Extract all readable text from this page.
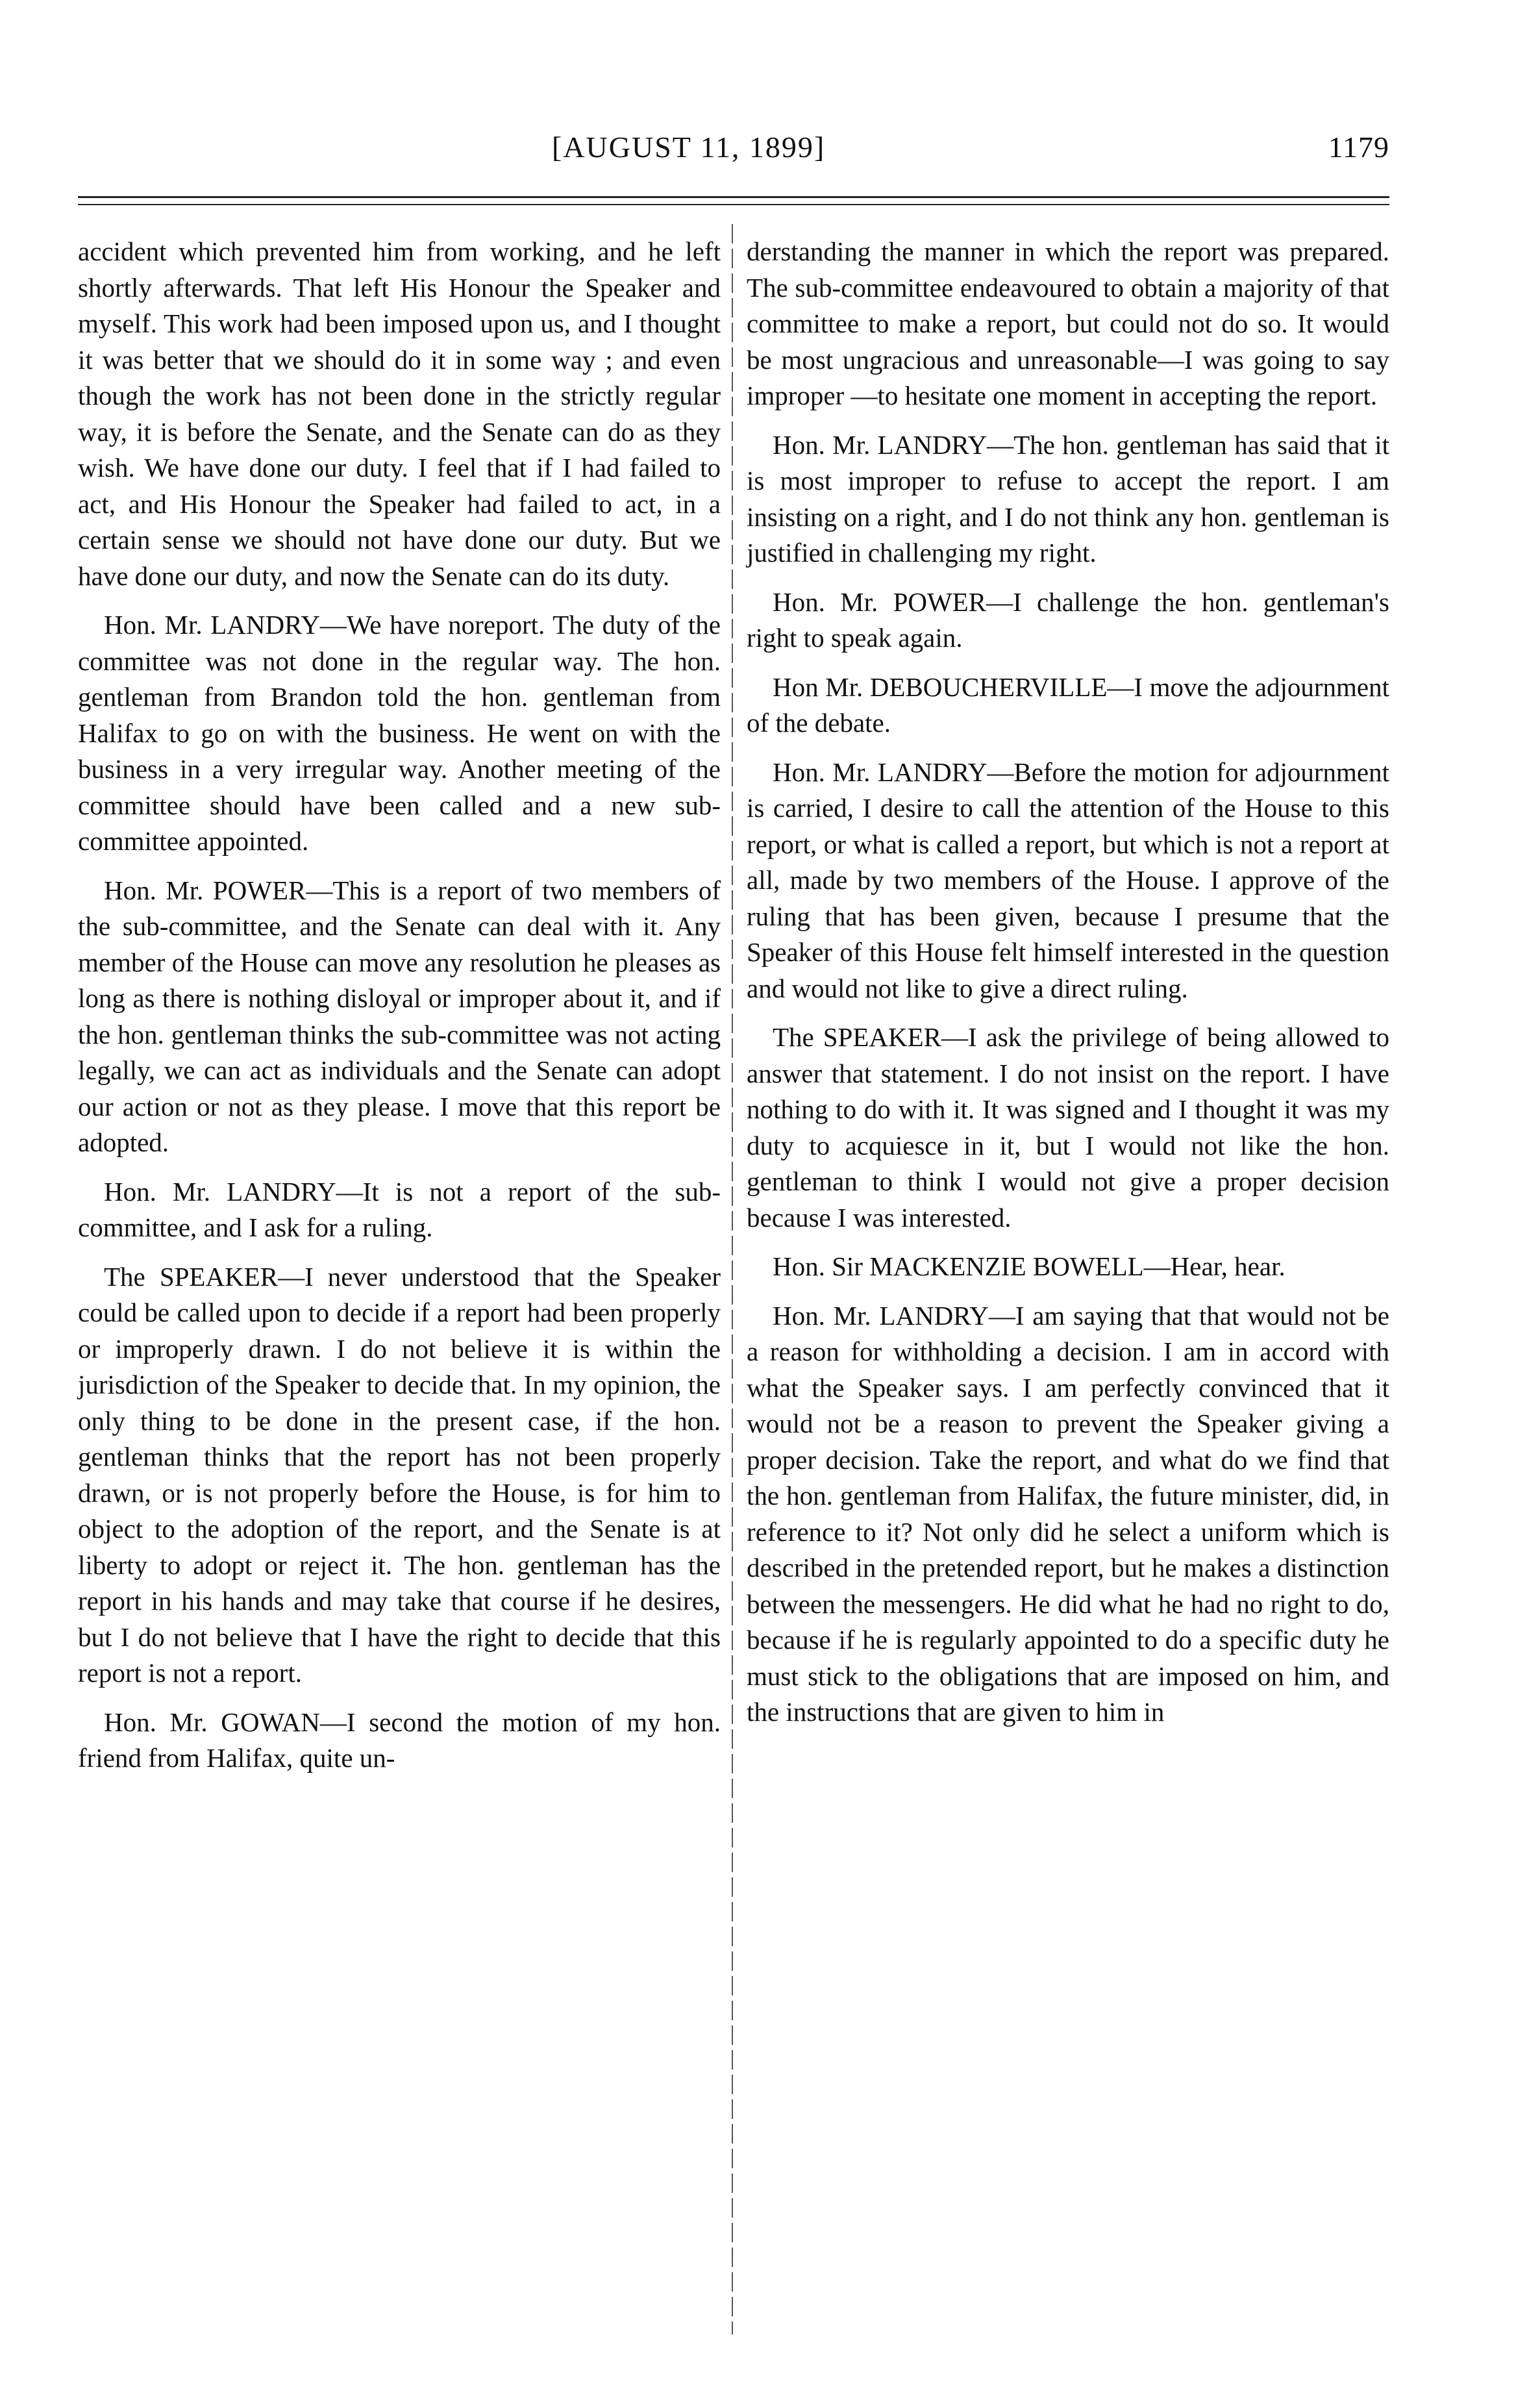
[AUGUST 11, 1899]	1179

accident which prevented him from working, and he left shortly afterwards. That left His Honour the Speaker and myself. This work had been imposed upon us, and I thought it was better that we should do it in some way ; and even though the work has not been done in the strictly regular way, it is before the Senate, and the Senate can do as they wish. We have done our duty. I feel that if I had failed to act, and His Honour the Speaker had failed to act, in a certain sense we should not have done our duty. But we have done our duty, and now the Senate can do its duty.

Hon. Mr. LANDRY—We have noreport. The duty of the committee was not done in the regular way. The hon. gentleman from Brandon told the hon. gentleman from Halifax to go on with the business. He went on with the business in a very irregular way. Another meeting of the committee should have been called and a new sub-committee appointed.

Hon. Mr. POWER—This is a report of two members of the sub-committee, and the Senate can deal with it. Any member of the House can move any resolution he pleases as long as there is nothing disloyal or improper about it, and if the hon. gentleman thinks the sub-committee was not acting legally, we can act as individuals and the Senate can adopt our action or not as they please. I move that this report be adopted.

Hon. Mr. LANDRY—It is not a report of the sub-committee, and I ask for a ruling.

The SPEAKER—I never understood that the Speaker could be called upon to decide if a report had been properly or improperly drawn. I do not believe it is within the jurisdiction of the Speaker to decide that. In my opinion, the only thing to be done in the present case, if the hon. gentleman thinks that the report has not been properly drawn, or is not properly before the House, is for him to object to the adoption of the report, and the Senate is at liberty to adopt or reject it. The hon. gentleman has the report in his hands and may take that course if he desires, but I do not believe that I have the right to decide that this report is not a report.

Hon. Mr. GOWAN—I second the motion of my hon. friend from Halifax, quite un-

derstanding the manner in which the report was prepared. The sub-committee endeavoured to obtain a majority of that committee to make a report, but could not do so. It would be most ungracious and unreasonable—I was going to say improper —to hesitate one moment in accepting the report.

Hon. Mr. LANDRY—The hon. gentleman has said that it is most improper to refuse to accept the report. I am insisting on a right, and I do not think any hon. gentleman is justified in challenging my right.

Hon. Mr. POWER—I challenge the hon. gentleman's right to speak again.

Hon Mr. DEBOUCHERVILLE—I move the adjournment of the debate.

Hon. Mr. LANDRY—Before the motion for adjournment is carried, I desire to call the attention of the House to this report, or what is called a report, but which is not a report at all, made by two members of the House. I approve of the ruling that has been given, because I presume that the Speaker of this House felt himself interested in the question and would not like to give a direct ruling.

The SPEAKER—I ask the privilege of being allowed to answer that statement. I do not insist on the report. I have nothing to do with it. It was signed and I thought it was my duty to acquiesce in it, but I would not like the hon. gentleman to think I would not give a proper decision because I was interested.

Hon. Sir MACKENZIE BOWELL—Hear, hear.

Hon. Mr. LANDRY—I am saying that that would not be a reason for withholding a decision. I am in accord with what the Speaker says. I am perfectly convinced that it would not be a reason to prevent the Speaker giving a proper decision. Take the report, and what do we find that the hon. gentleman from Halifax, the future minister, did, in reference to it? Not only did he select a uniform which is described in the pretended report, but he makes a distinction between the messengers. He did what he had no right to do, because if he is regularly appointed to do a specific duty he must stick to the obligations that are imposed on him, and the instructions that are given to him in
